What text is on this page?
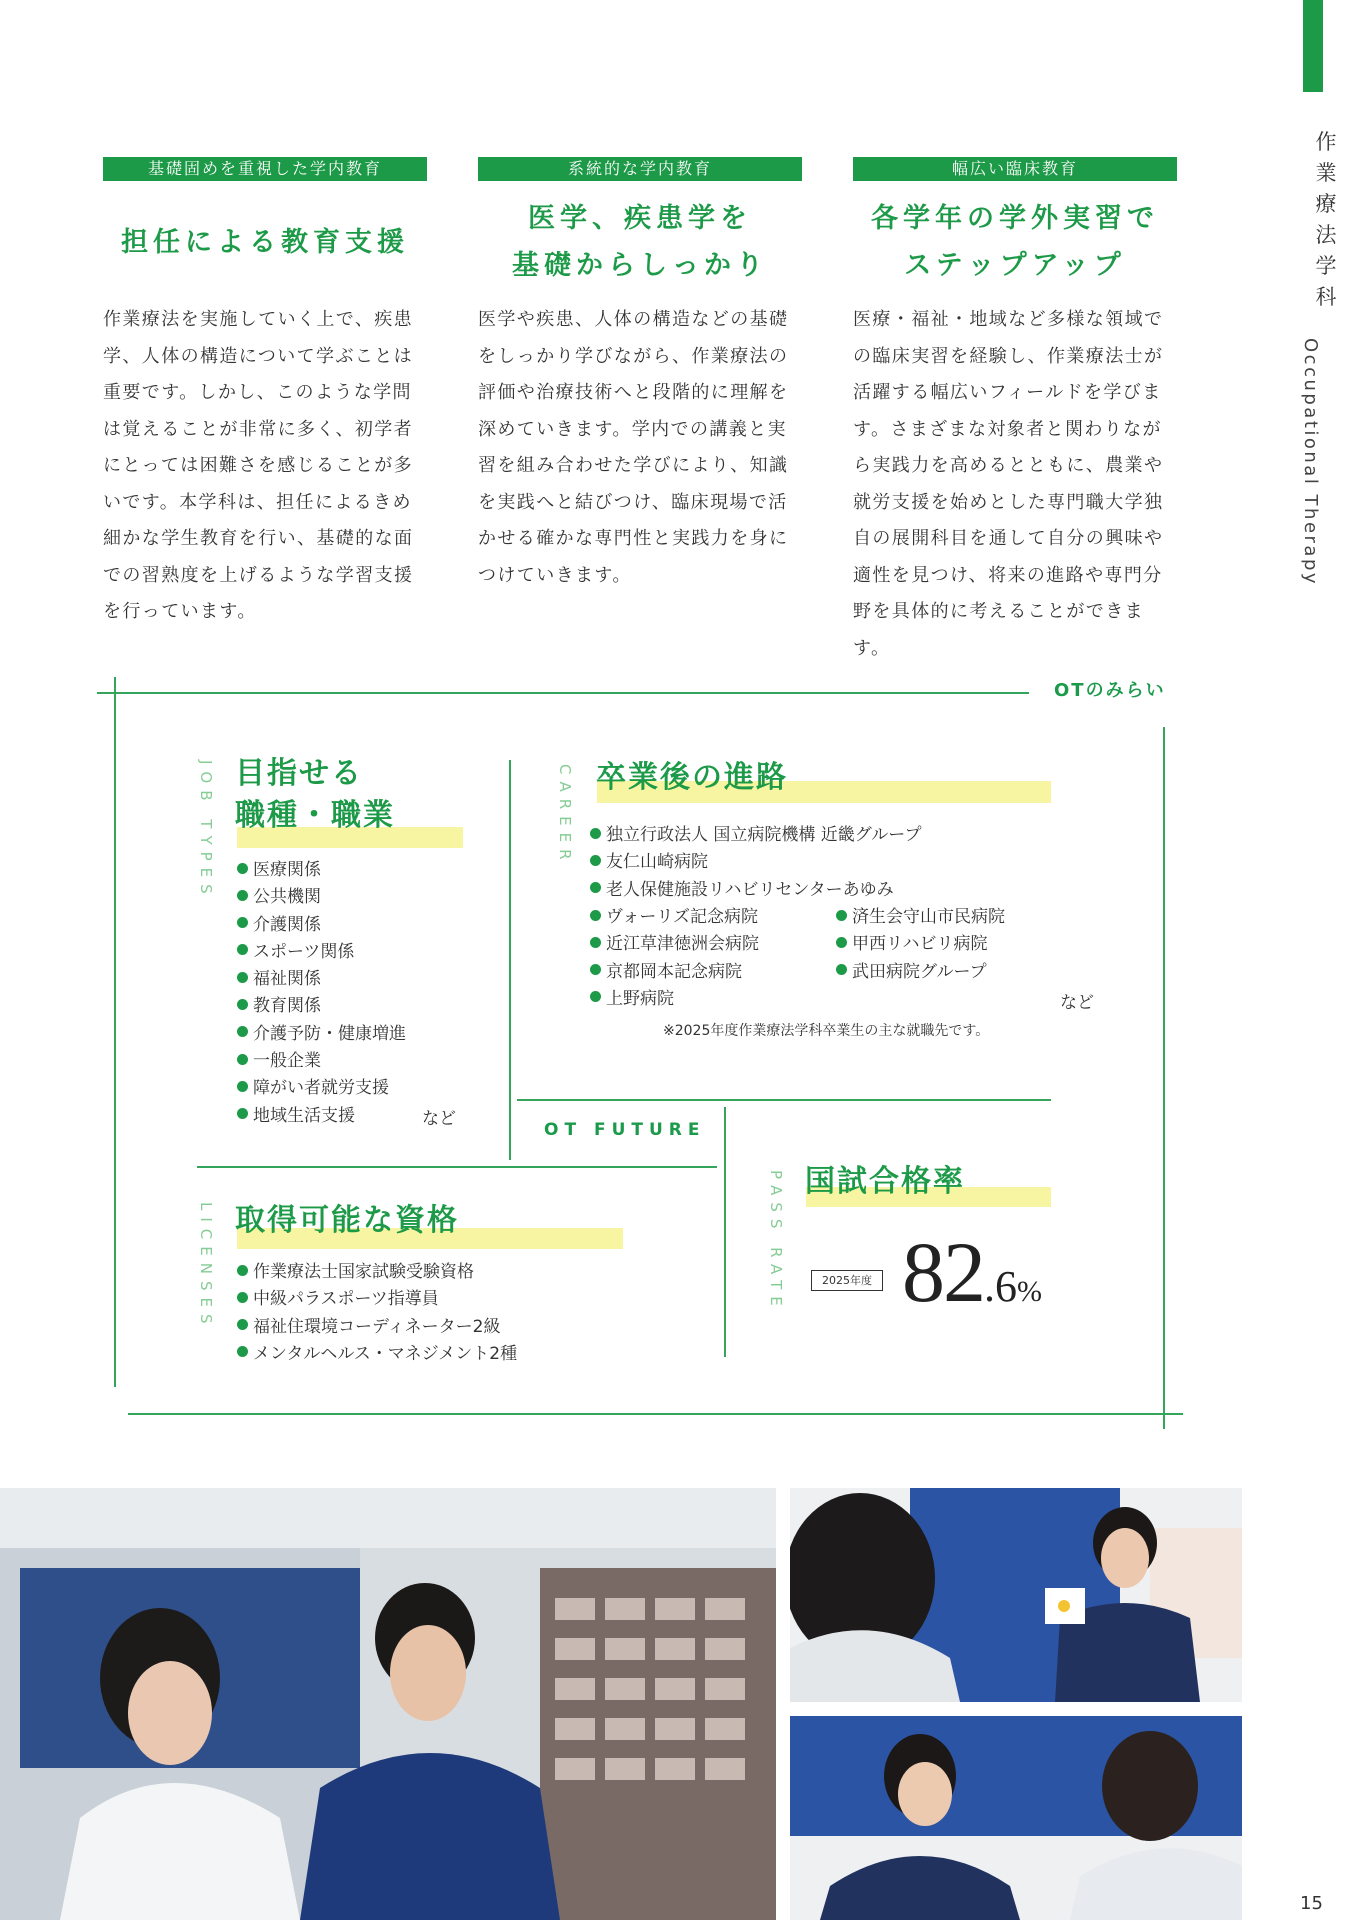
作業療法学科
Occupational Therapy
基礎固めを重視した学内教育
担任による教育支援
作業療法を実施していく上で、疾患学、人体の構造について学ぶことは重要です。しかし、このような学問は覚えることが非常に多く、初学者にとっては困難さを感じることが多いです。本学科は、担任によるきめ細かな学生教育を行い、基礎的な面での習熟度を上げるような学習支援を行っています。
系統的な学内教育
医学、疾患学を
基礎からしっかり
医学や疾患、人体の構造などの基礎をしっかり学びながら、作業療法の評価や治療技術へと段階的に理解を深めていきます。学内での講義と実習を組み合わせた学びにより、知識を実践へと結びつけ、臨床現場で活かせる確かな専門性と実践力を身につけていきます。
幅広い臨床教育
各学年の学外実習で
ステップアップ
医療・福祉・地域など多様な領域での臨床実習を経験し、作業療法士が活躍する幅広いフィールドを学びます。さまざまな対象者と関わりながら実践力を高めるとともに、農業や就労支援を始めとした専門職大学独自の展開科目を通して自分の興味や適性を見つけ、将来の進路や専門分野を具体的に考えることができます。
OTのみらい
OT FUTURE
JOB TYPES 目指せる
職種・職業
医療関係
公共機関
介護関係
スポーツ関係
福祉関係
教育関係
介護予防・健康増進
一般企業
障がい者就労支援
地域生活支援	など
CAREER 卒業後の進路
独立行政法人 国立病院機構 近畿グループ
友仁山崎病院
老人保健施設リハビリセンターあゆみ
ヴォーリズ記念病院
近江草津徳洲会病院
京都岡本記念病院
上野病院
済生会守山市民病院
甲西リハビリ病院
武田病院グループ
など
※2025年度作業療法学科卒業生の主な就職先です。
LICENSES 取得可能な資格
作業療法士国家試験受験資格
中級パラスポーツ指導員
福祉住環境コーディネーター2級
メンタルヘルス・マネジメント2種
PASS RATE 国試合格率
2025年度 82.6%
15
